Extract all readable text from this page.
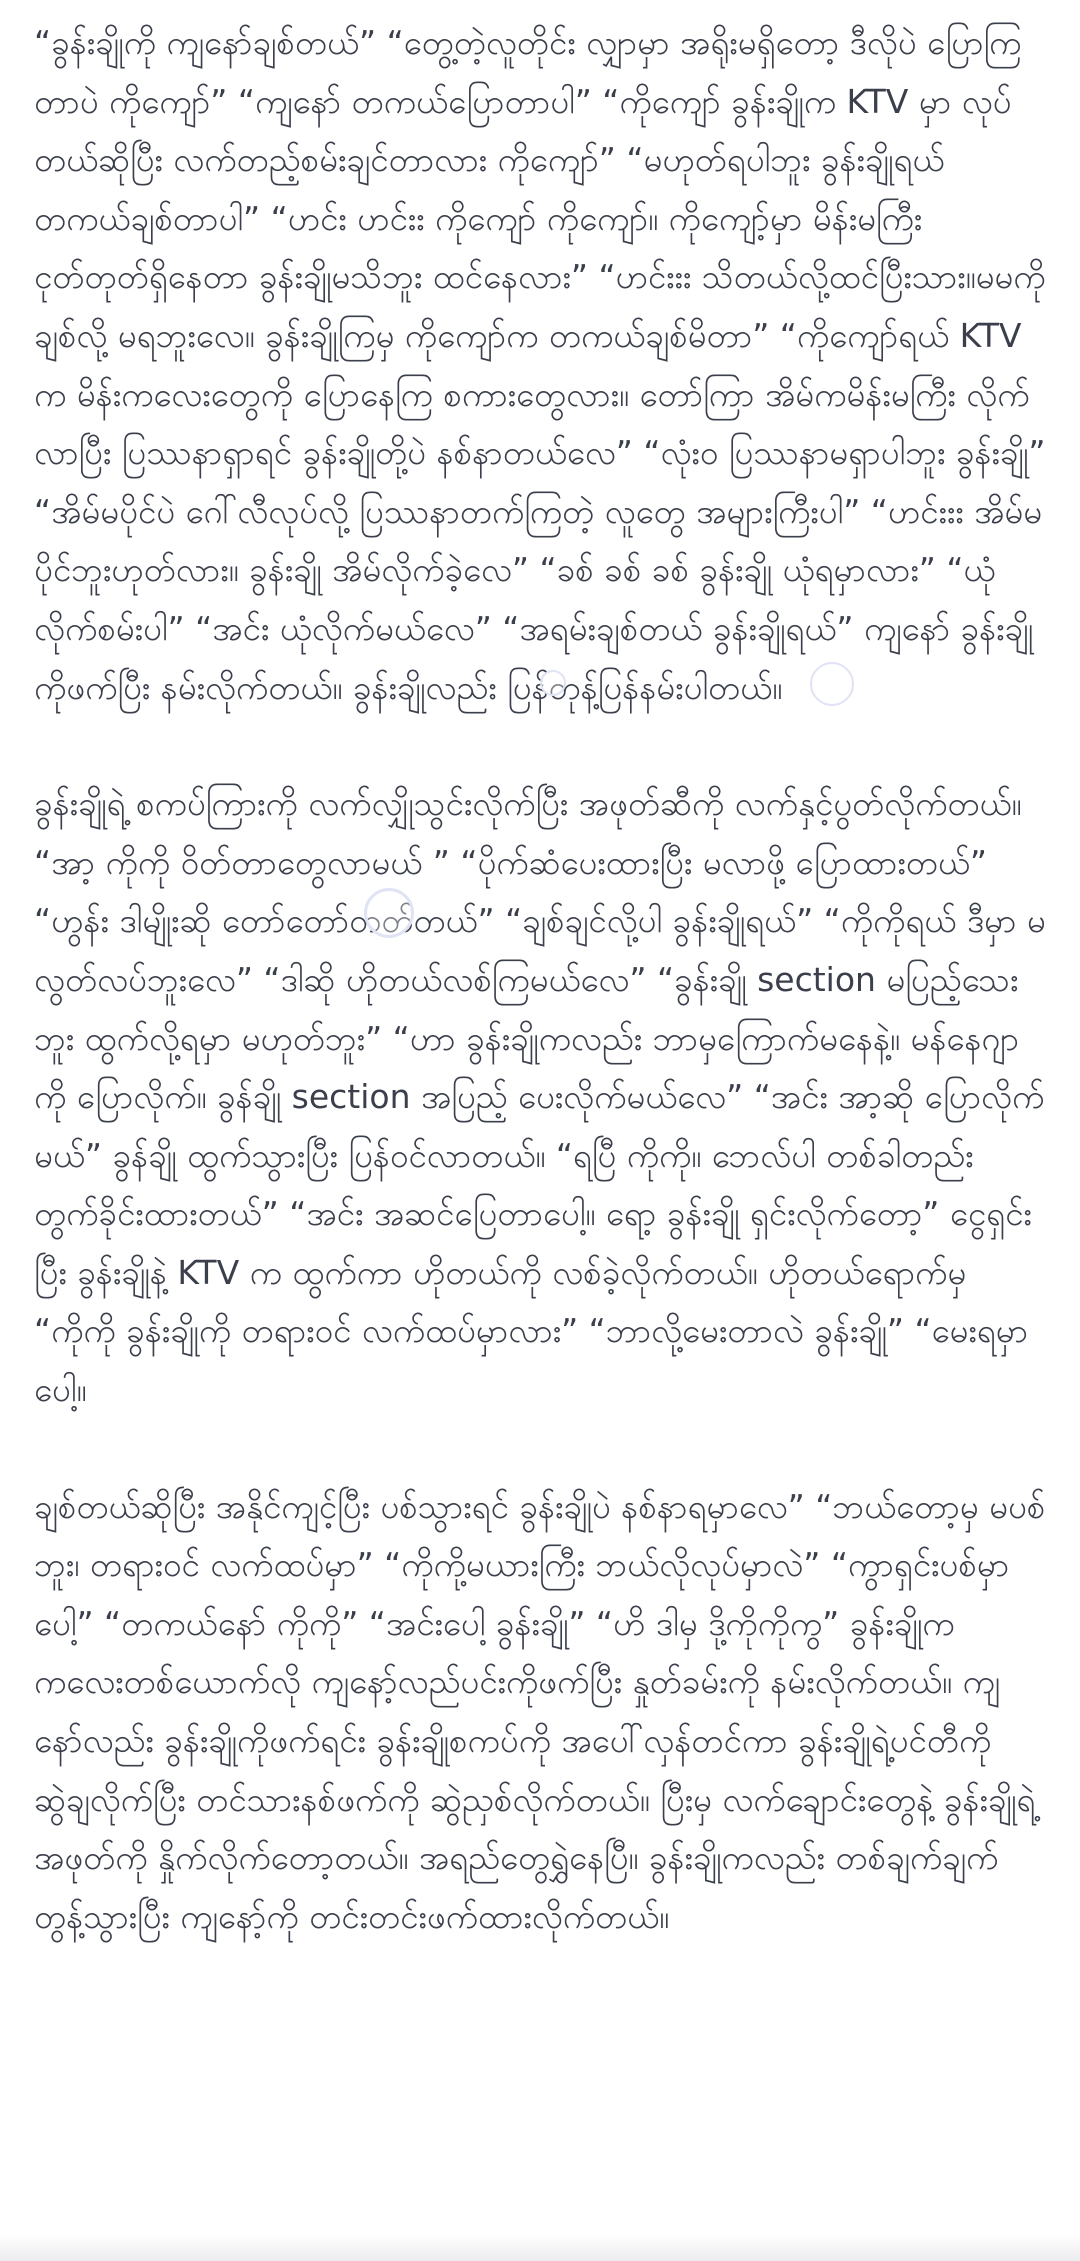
“ခွန်းချိုကို ကျနော်ချစ်တယ်” “တွေ့တဲ့လူတိုင်း လျှာမှာ အရိုးမရှိတော့ ဒီလိုပဲ ပြောကြတာပဲ ကိုကျော်” “ကျနော် တကယ်ပြောတာပါ” “ကိုကျော် ခွန်းချိုက KTV မှာ လုပ်တယ်ဆိုပြီး လက်တည့်စမ်းချင်တာလား ကိုကျော်” “မဟုတ်ရပါဘူး ခွန်းချိုရယ် တကယ်ချစ်တာပါ” “ဟင်း ဟင်းး ကိုကျော် ကိုကျော်။ ကိုကျော့်မှာ မိန်းမကြီး ငုတ်တုတ်ရှိနေတာ ခွန်းချိုမသိဘူး ထင်နေလား” “ဟင်းးး သိတယ်လို့ထင်ပြီးသား။မမကို ချစ်လို့ မရဘူးလေ။ ခွန်းချိုကြမှ ကိုကျော်က တကယ်ချစ်မိတာ” “ကိုကျော်ရယ် KTV က မိန်းကလေးတွေကို ပြောနေကြ စကားတွေလား။ တော်ကြာ အိမ်ကမိန်းမကြီး လိုက်လာပြီး ပြဿနာရှာရင် ခွန်းချိုတို့ပဲ နစ်နာတယ်လေ” “လုံး၀ ပြဿနာမရှာပါဘူး ခွန်းချို” “အိမ်မပိုင်ပဲ ဂေါ်လီလုပ်လို့ ပြဿနာတက်ကြတဲ့ လူတွေ အများကြီးပါ” “ဟင်းးး အိမ်မပိုင်ဘူးဟုတ်လား။ ခွန်းချို အိမ်လိုက်ခဲ့လေ” “ခစ် ခစ် ခစ် ခွန်းချို ယုံရမှာလား” “ယုံလိုက်စမ်းပါ” “အင်း ယုံလိုက်မယ်လေ” “အရမ်းချစ်တယ် ခွန်းချိုရယ်” ကျနော် ခွန်းချိုကိုဖက်ပြီး နမ်းလိုက်တယ်။ ခွန်းချိုလည်း ပြန်တုန့်ပြန်နမ်းပါတယ်။

ခွန်းချိုရဲ့ စကပ်ကြားကို လက်လျှိုသွင်းလိုက်ပြီး အဖုတ်ဆီကို လက်နှင့်ပွတ်လိုက်တယ်။ “အာ့ ကိုကို ဝိတ်တာတွေလာမယ် ” “ပိုက်ဆံပေးထားပြီး မလာဖို့ ပြောထားတယ်” “ဟွန်း ဒါမျိုးဆို တော်တော်တတ်တယ်” “ချစ်ချင်လို့ပါ ခွန်းချိုရယ်” “ကိုကိုရယ် ဒီမှာ မလွတ်လပ်ဘူးလေ” “ဒါဆို ဟိုတယ်လစ်ကြမယ်လေ” “ခွန်းချို section မပြည့်သေးဘူး ထွက်လို့ရမှာ မဟုတ်ဘူး” “ဟာ ခွန်းချိုကလည်း ဘာမှကြောက်မနေနဲ့။ မန်နေဂျာကို ပြောလိုက်။ ခွန်ချို section အပြည့် ပေးလိုက်မယ်လေ” “အင်း အာ့ဆို ပြောလိုက်မယ်” ခွန်ချို ထွက်သွားပြီး ပြန်ဝင်လာတယ်။ “ရပြီ ကိုကို။ ဘေလ်ပါ တစ်ခါတည်း တွက်ခိုင်းထားတယ်” “အင်း အဆင်ပြေတာပေါ့။ ရော့ ခွန်းချို ရှင်းလိုက်တော့” ငွေရှင်းပြီး ခွန်းချိုနဲ့ KTV က ထွက်ကာ ဟိုတယ်ကို လစ်ခဲ့လိုက်တယ်။ ဟိုတယ်ရောက်မှ “ကိုကို ခွန်းချိုကို တရားဝင် လက်ထပ်မှာလား” “ဘာလို့မေးတာလဲ ခွန်းချို” “မေးရမှာပေါ့။

ချစ်တယ်ဆိုပြီး အနိုင်ကျင့်ပြီး ပစ်သွားရင် ခွန်းချိုပဲ နစ်နာရမှာလေ” “ဘယ်တော့မှ မပစ်ဘူး၊ တရားဝင် လက်ထပ်မှာ” “ကိုကို့မယားကြီး ဘယ်လိုလုပ်မှာလဲ” “ကွာရှင်းပစ်မှာပေါ့” “တကယ်နော် ကိုကို” “အင်းပေါ့ ခွန်းချို” “ဟိ ဒါမှ ဒို့ကိုကိုကွ” ခွန်းချိုက ကလေးတစ်ယောက်လို ကျနော့်လည်ပင်းကိုဖက်ပြီး နှုတ်ခမ်းကို နမ်းလိုက်တယ်။ ကျနော်လည်း ခွန်းချိုကိုဖက်ရင်း ခွန်းချိုစကပ်ကို အပေါ်လှန်တင်ကာ ခွန်းချိုရဲ့ပင်တီကို ဆွဲချလိုက်ပြီး တင်သားနစ်ဖက်ကို ဆွဲညှစ်လိုက်တယ်။ ပြီးမှ လက်ချောင်းတွေနဲ့ ခွန်းချိုရဲ့ အဖုတ်ကို နှိုက်လိုက်တော့တယ်။ အရည်တွေရွှဲနေပြီ။ ခွန်းချိုကလည်း တစ်ချက်ချက် တွန့်သွားပြီး ကျနော့်ကို တင်းတင်းဖက်ထားလိုက်တယ်။
